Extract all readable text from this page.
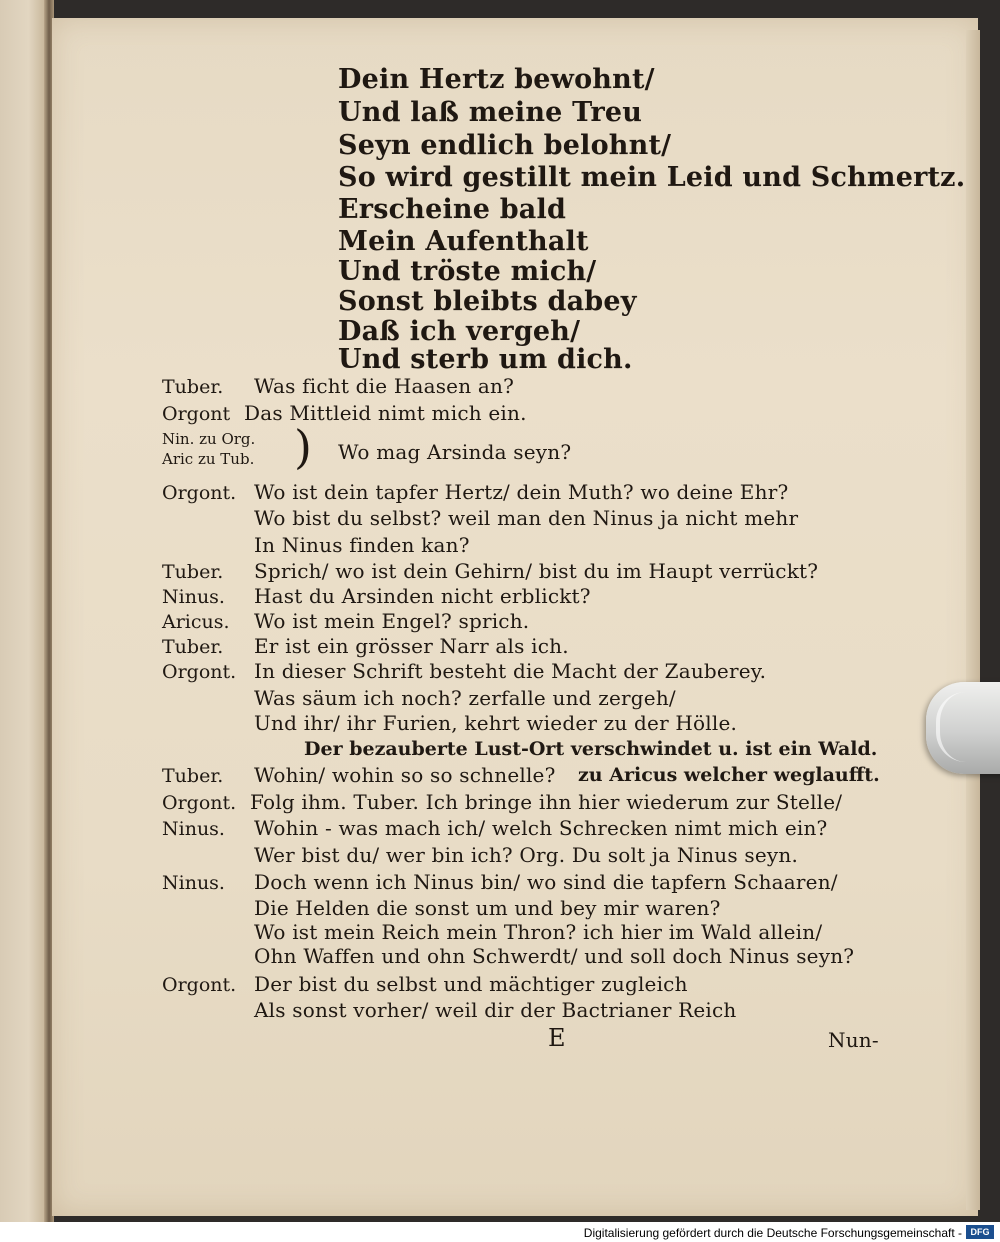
Dein Hertz bewohnt/
Und laß meine Treu
Seyn endlich belohnt/
So wird gestillt mein Leid und Schmertz.
Erscheine bald
Mein Aufenthalt
Und tröste mich/
Sonst bleibts dabey
Daß ich vergeh/
Und sterb um dich.
Tuber. Was ficht die Haasen an?
Orgont Das Mittleid nimt mich ein.
Nin. zu Org.
Aric zu Tub. ) Wo mag Arsinda seyn?
Orgont. Wo ist dein tapfer Hertz/ dein Muth? wo deine Ehr?
Wo bist du selbst? weil man den Ninus ja nicht mehr
In Ninus finden kan?
Tuber. Sprich/ wo ist dein Gehirn/ bist du im Haupt verrückt?
Ninus. Hast du Arsinden nicht erblickt?
Aricus. Wo ist mein Engel? sprich.
Tuber. Er ist ein grösser Narr als ich.
Orgont. In dieser Schrift besteht die Macht der Zauberey.
Was säum ich noch? zerfalle und zergeh/
Und ihr/ ihr Furien, kehrt wieder zu der Hölle.
Der bezauberte Lust-Ort verschwindet u. ist ein Wald.
Tuber. Wohin/ wohin so so schnelle? zu Aricus welcher weglaufft.
Orgont. Folg ihm. Tuber. Ich bringe ihn hier wiederum zur Stelle/
Ninus. Wohin - was mach ich/ welch Schrecken nimt mich ein?
Wer bist du/ wer bin ich? Org. Du solt ja Ninus seyn.
Ninus. Doch wenn ich Ninus bin/ wo sind die tapfern Schaaren/
Die Helden die sonst um und bey mir waren?
Wo ist mein Reich mein Thron? ich hier im Wald allein/
Ohn Waffen und ohn Schwerdt/ und soll doch Ninus seyn?
Orgont. Der bist du selbst und mächtiger zugleich
Als sonst vorher/ weil dir der Bactrianer Reich
E	Nun-
Digitalisierung gefördert durch die Deutsche Forschungsgemeinschaft - DFG
